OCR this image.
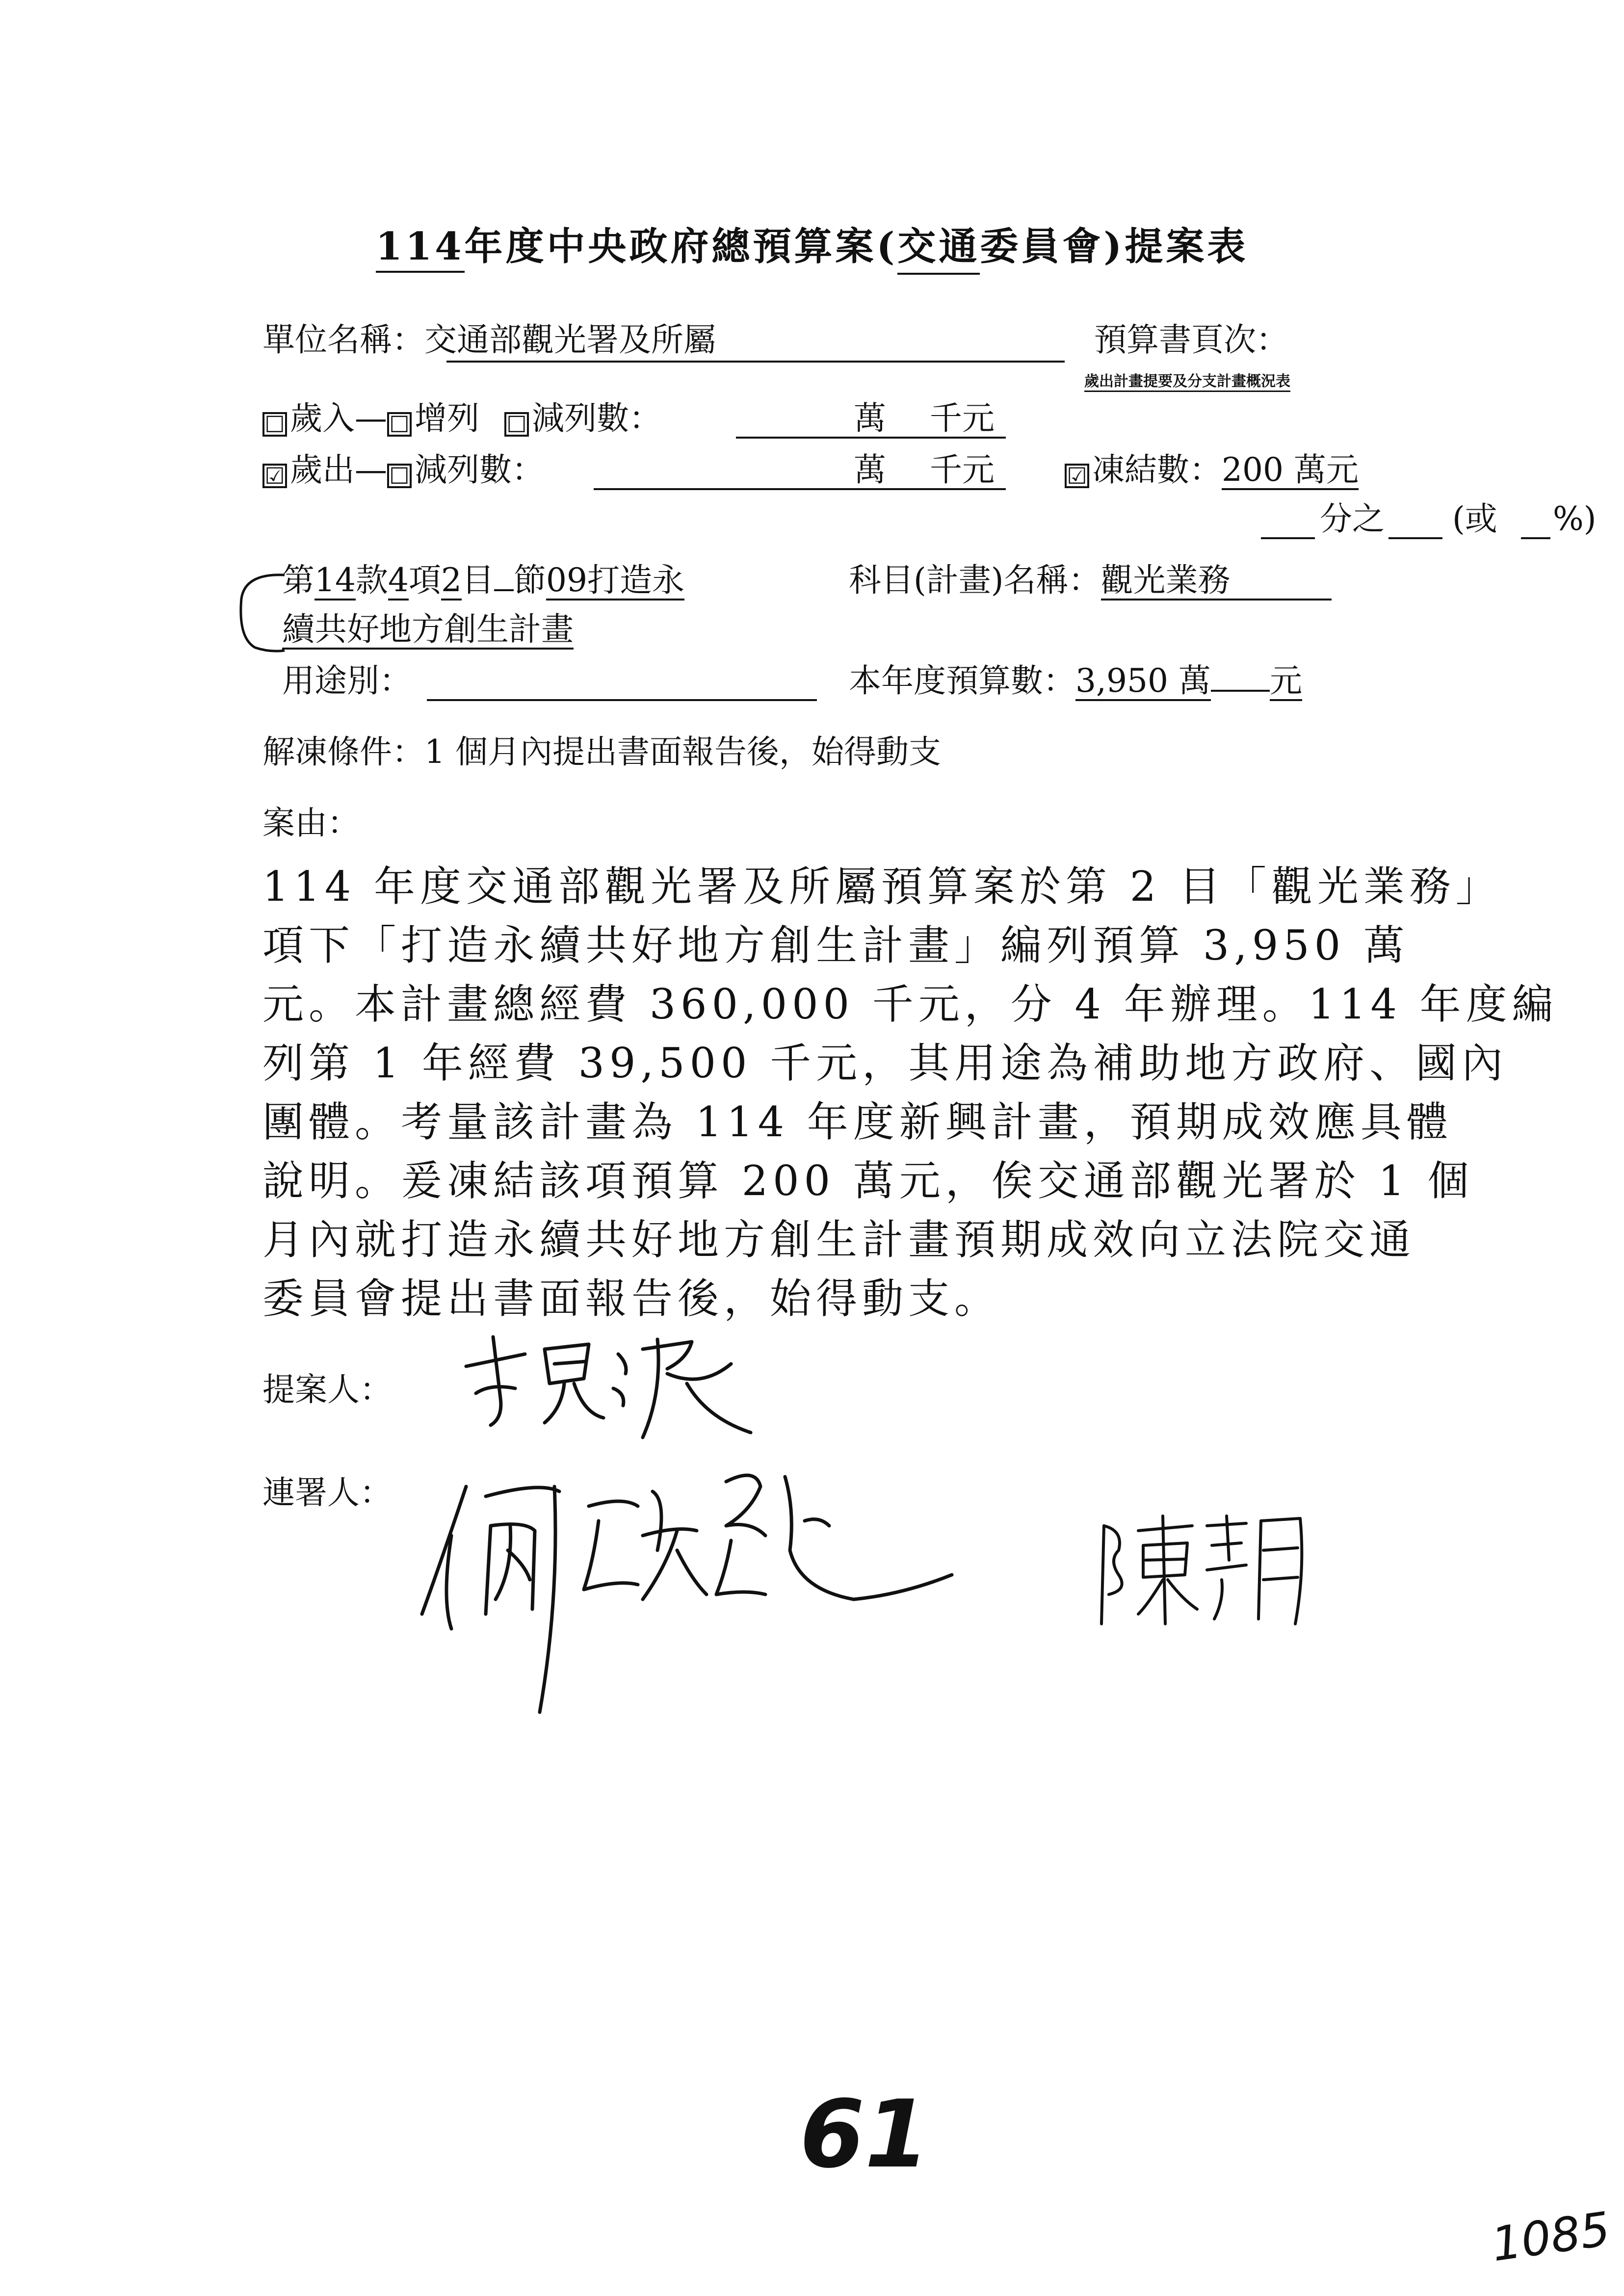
114年度中央政府總預算案(交通委員會)提案表
單位名稱：交通部觀光署及所屬	預算書頁次：
歲出計畫提要及分支計畫概況表
☐ 歲入—☐ 增列 ☐ 減列數：	萬 千元
☑ 歲出—☐ 減列數：	萬 千元	☑ 凍結數：200 萬元
分之 (或 %)
第14款4項2目 節09打造永	科目(計畫)名稱：觀光業務
續共好地方創生計畫
用途別：	本年度預算數：3,950 萬 元
解凍條件：1 個月內提出書面報告後，始得動支
案由：
114 年度交通部觀光署及所屬預算案於第 2 目「觀光業務」
項下「打造永續共好地方創生計畫」編列預算 3,950 萬
元。本計畫總經費 360,000 千元，分 4 年辦理。114 年度編
列第 1 年經費 39,500 千元，其用途為補助地方政府、國內
團體。考量該計畫為 114 年度新興計畫，預期成效應具體
說明。爰凍結該項預算 200 萬元，俟交通部觀光署於 1 個
月內就打造永續共好地方創生計畫預期成效向立法院交通
委員會提出書面報告後，始得動支。
提案人：
連署人：
61
1085
